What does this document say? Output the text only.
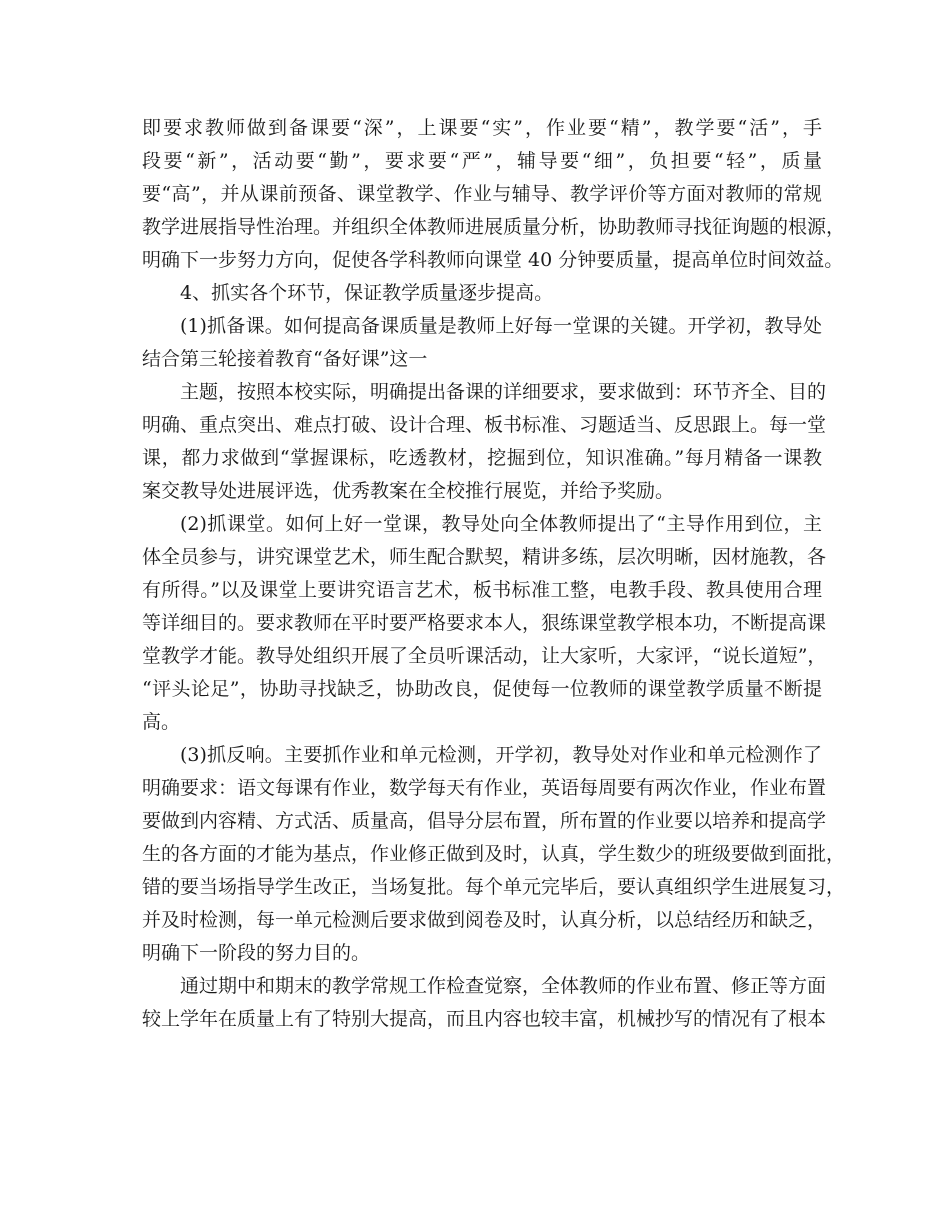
即要求教师做到备课要“深”，上课要“实”，作业要“精”，教学要“活”，手
段要“新”，活动要“勤”，要求要“严”，辅导要“细”，负担要“轻”，质量
要“高”，并从课前预备、课堂教学、作业与辅导、教学评价等方面对教师的常规
教学进展指导性治理。并组织全体教师进展质量分析，协助教师寻找征询题的根源，
明确下一步努力方向，促使各学科教师向课堂 40 分钟要质量，提高单位时间效益。
4、抓实各个环节，保证教学质量逐步提高。
(1)抓备课。如何提高备课质量是教师上好每一堂课的关键。开学初，教导处
结合第三轮接着教育“备好课”这一
主题，按照本校实际，明确提出备课的详细要求，要求做到：环节齐全、目的
明确、重点突出、难点打破、设计合理、板书标准、习题适当、反思跟上。每一堂
课，都力求做到“掌握课标，吃透教材，挖掘到位，知识准确。”每月精备一课教
案交教导处进展评选，优秀教案在全校推行展览，并给予奖励。
(2)抓课堂。如何上好一堂课，教导处向全体教师提出了“主导作用到位，主
体全员参与，讲究课堂艺术，师生配合默契，精讲多练，层次明晰，因材施教，各
有所得。”以及课堂上要讲究语言艺术，板书标准工整，电教手段、教具使用合理
等详细目的。要求教师在平时要严格要求本人，狠练课堂教学根本功，不断提高课
堂教学才能。教导处组织开展了全员听课活动，让大家听，大家评，“说长道短”，
“评头论足”，协助寻找缺乏，协助改良，促使每一位教师的课堂教学质量不断提
高。
(3)抓反响。主要抓作业和单元检测，开学初，教导处对作业和单元检测作了
明确要求：语文每课有作业，数学每天有作业，英语每周要有两次作业，作业布置
要做到内容精、方式活、质量高，倡导分层布置，所布置的作业要以培养和提高学
生的各方面的才能为基点，作业修正做到及时，认真，学生数少的班级要做到面批，
错的要当场指导学生改正，当场复批。每个单元完毕后，要认真组织学生进展复习，
并及时检测，每一单元检测后要求做到阅卷及时，认真分析，以总结经历和缺乏，
明确下一阶段的努力目的。
通过期中和期末的教学常规工作检查觉察，全体教师的作业布置、修正等方面
较上学年在质量上有了特别大提高，而且内容也较丰富，机械抄写的情况有了根本
